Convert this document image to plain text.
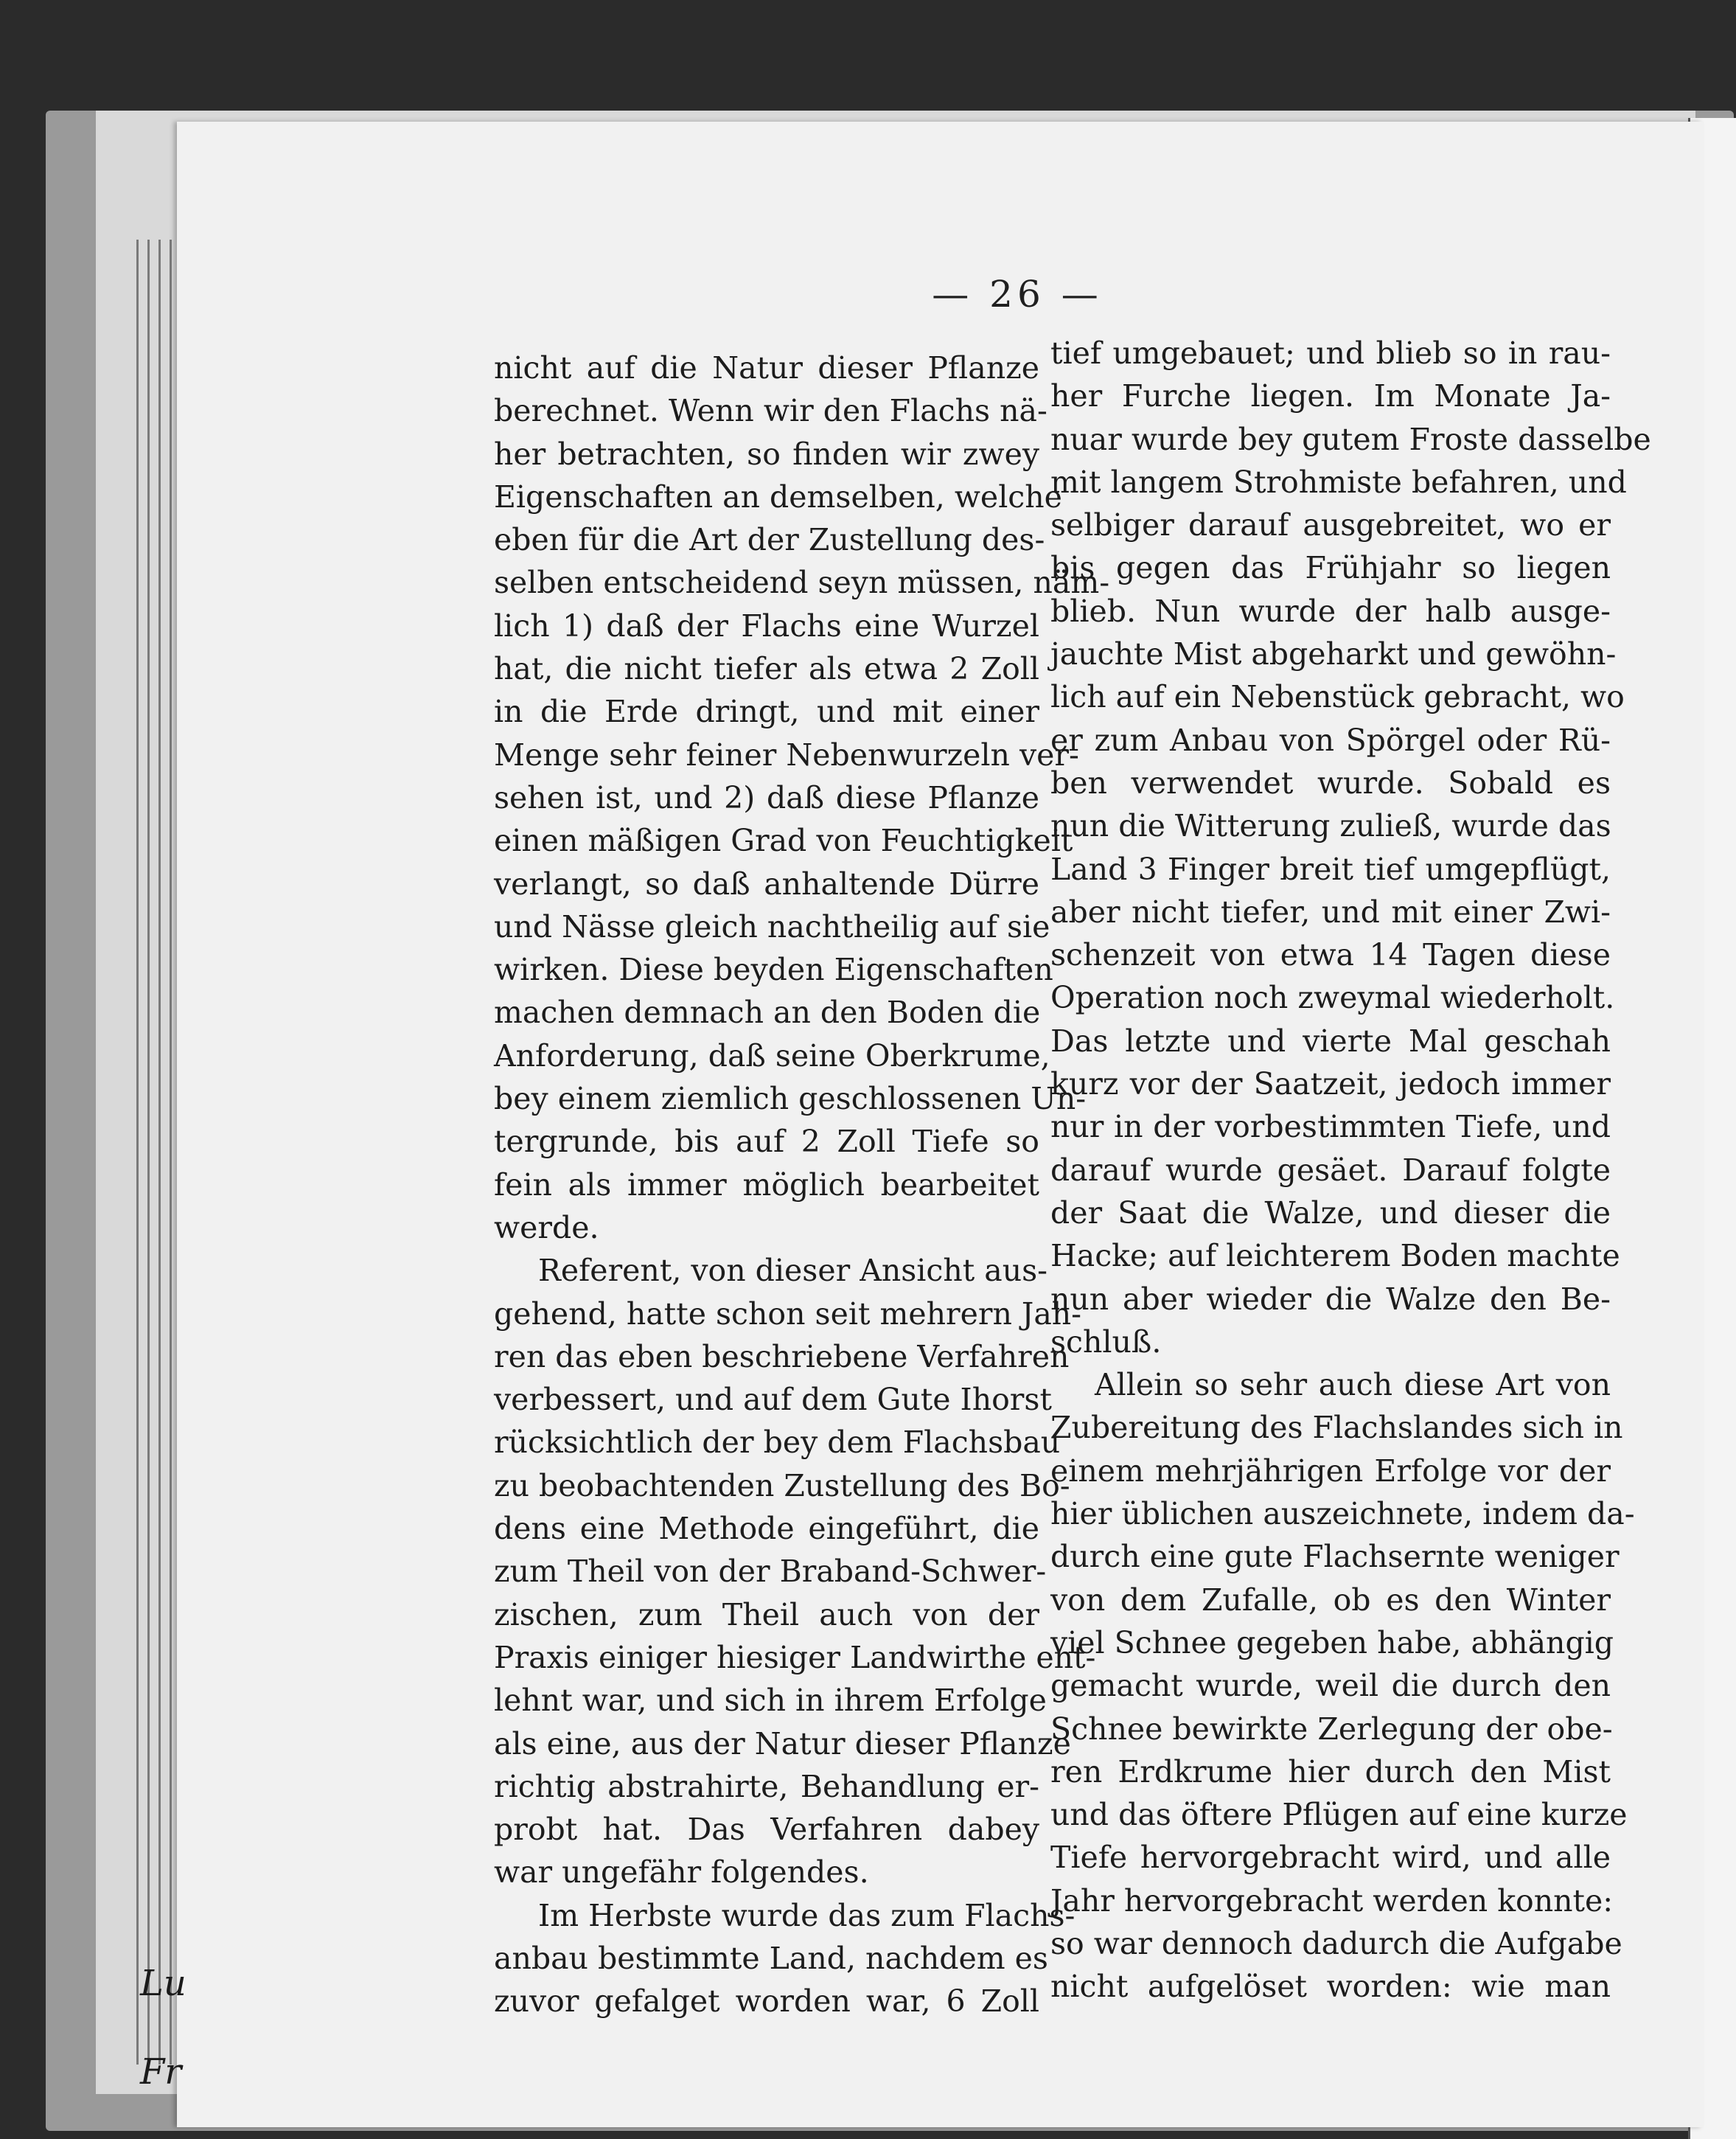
— 26 —
nicht auf die Natur dieser Pflanze
berechnet. Wenn wir den Flachs nä-
her betrachten, so finden wir zwey
Eigenschaften an demselben, welche
eben für die Art der Zustellung des-
selben entscheidend seyn müssen, näm-
lich 1) daß der Flachs eine Wurzel
hat, die nicht tiefer als etwa 2 Zoll
in die Erde dringt, und mit einer
Menge sehr feiner Nebenwurzeln ver-
sehen ist, und 2) daß diese Pflanze
einen mäßigen Grad von Feuchtigkeit
verlangt, so daß anhaltende Dürre
und Nässe gleich nachtheilig auf sie
wirken. Diese beyden Eigenschaften
machen demnach an den Boden die
Anforderung, daß seine Oberkrume,
bey einem ziemlich geschlossenen Un-
tergrunde, bis auf 2 Zoll Tiefe so
fein als immer möglich bearbeitet
werde.
Referent, von dieser Ansicht aus-
gehend, hatte schon seit mehrern Jah-
ren das eben beschriebene Verfahren
verbessert, und auf dem Gute Ihorst
rücksichtlich der bey dem Flachsbau
zu beobachtenden Zustellung des Bo-
dens eine Methode eingeführt, die
zum Theil von der Braband-Schwer-
zischen, zum Theil auch von der
Praxis einiger hiesiger Landwirthe ent-
lehnt war, und sich in ihrem Erfolge
als eine, aus der Natur dieser Pflanze
richtig abstrahirte, Behandlung er-
probt hat. Das Verfahren dabey
war ungefähr folgendes.
Im Herbste wurde das zum Flachs-
anbau bestimmte Land, nachdem es
zuvor gefalget worden war, 6 Zoll
tief umgebauet; und blieb so in rau-
her Furche liegen. Im Monate Ja-
nuar wurde bey gutem Froste dasselbe
mit langem Strohmiste befahren, und
selbiger darauf ausgebreitet, wo er
bis gegen das Frühjahr so liegen
blieb. Nun wurde der halb ausge-
jauchte Mist abgeharkt und gewöhn-
lich auf ein Nebenstück gebracht, wo
er zum Anbau von Spörgel oder Rü-
ben verwendet wurde. Sobald es
nun die Witterung zuließ, wurde das
Land 3 Finger breit tief umgepflügt,
aber nicht tiefer, und mit einer Zwi-
schenzeit von etwa 14 Tagen diese
Operation noch zweymal wiederholt.
Das letzte und vierte Mal geschah
kurz vor der Saatzeit, jedoch immer
nur in der vorbestimmten Tiefe, und
darauf wurde gesäet. Darauf folgte
der Saat die Walze, und dieser die
Hacke; auf leichterem Boden machte
nun aber wieder die Walze den Be-
schluß.
Allein so sehr auch diese Art von
Zubereitung des Flachslandes sich in
einem mehrjährigen Erfolge vor der
hier üblichen auszeichnete, indem da-
durch eine gute Flachsernte weniger
von dem Zufalle, ob es den Winter
viel Schnee gegeben habe, abhängig
gemacht wurde, weil die durch den
Schnee bewirkte Zerlegung der obe-
ren Erdkrume hier durch den Mist
und das öftere Pflügen auf eine kurze
Tiefe hervorgebracht wird, und alle
Jahr hervorgebracht werden konnte:
so war dennoch dadurch die Aufgabe
nicht aufgelöset worden: wie man
Lu
Fr
